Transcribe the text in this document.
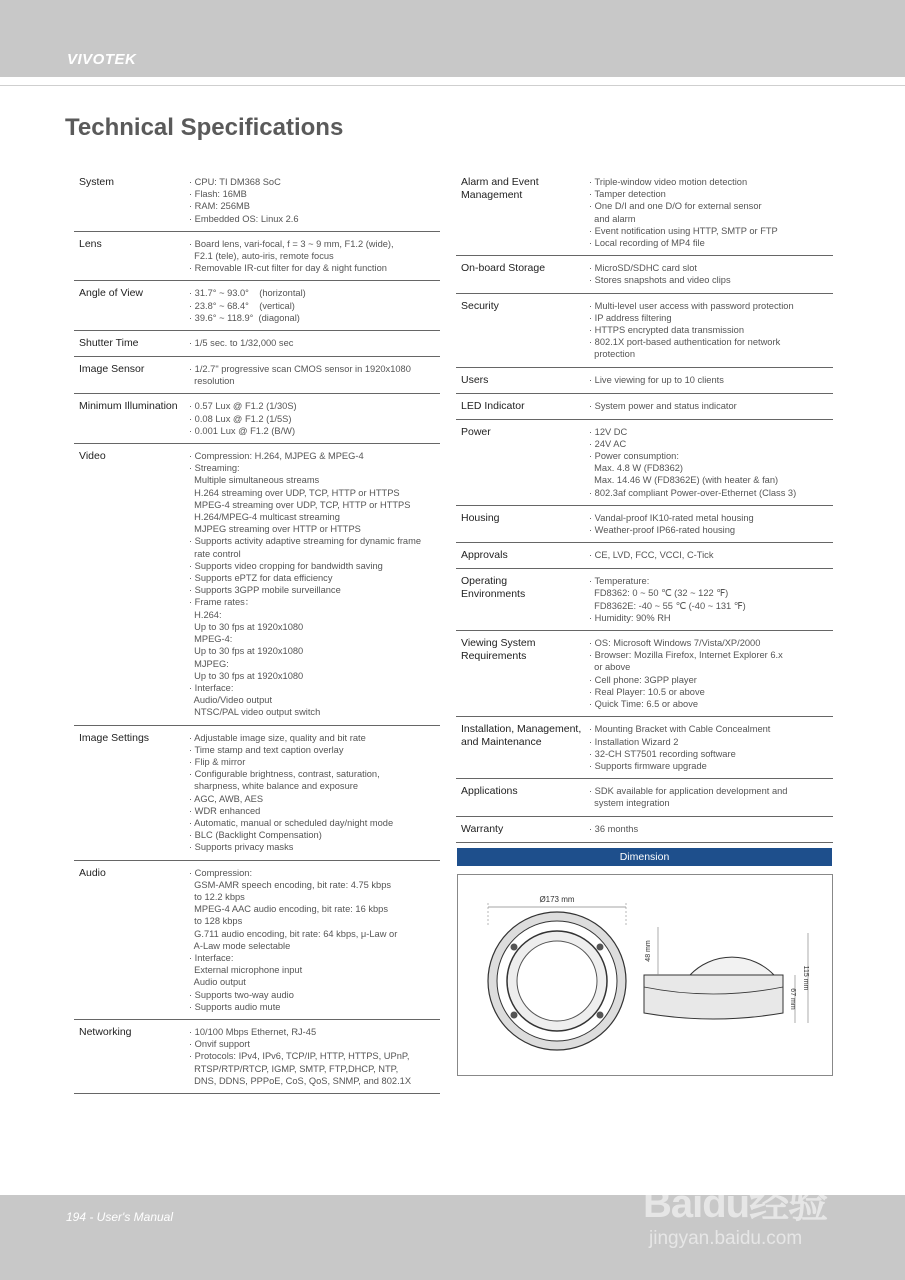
VIVOTEK
Technical Specifications
System	· CPU: TI DM368 SoC
· Flash: 16MB
· RAM: 256MB
· Embedded OS: Linux 2.6
Lens	· Board lens, vari-focal, f = 3 ~ 9 mm, F1.2 (wide),
F2.1 (tele), auto-iris, remote focus
· Removable IR-cut filter for day & night function
Angle of View	· 31.7° ~ 93.0°    (horizontal)
· 23.8° ~ 68.4°    (vertical)
· 39.6° ~ 118.9°  (diagonal)
Shutter Time	· 1/5 sec. to 1/32,000 sec
Image Sensor	· 1/2.7" progressive scan CMOS sensor in 1920x1080
resolution
Minimum Illumination	· 0.57 Lux @ F1.2 (1/30S)
· 0.08 Lux @ F1.2 (1/5S)
· 0.001 Lux @ F1.2 (B/W)
Video	· Compression: H.264, MJPEG & MPEG-4
· Streaming:
Multiple simultaneous streams
H.264 streaming over UDP, TCP, HTTP or HTTPS
MPEG-4 streaming over UDP, TCP, HTTP or HTTPS
H.264/MPEG-4 multicast streaming
MJPEG streaming over HTTP or HTTPS
· Supports activity adaptive streaming for dynamic frame
rate control
· Supports video cropping for bandwidth saving
· Supports ePTZ for data efficiency
· Supports 3GPP mobile surveillance
· Frame rates：
H.264:
Up to 30 fps at 1920x1080
MPEG-4:
Up to 30 fps at 1920x1080
MJPEG:
Up to 30 fps at 1920x1080
· Interface:
Audio/Video output
NTSC/PAL video output switch
Image Settings	· Adjustable image size, quality and bit rate
· Time stamp and text caption overlay
· Flip & mirror
· Configurable brightness, contrast, saturation,
sharpness, white balance and exposure
· AGC, AWB, AES
· WDR enhanced
· Automatic, manual or scheduled day/night mode
· BLC (Backlight Compensation)
· Supports privacy masks
Audio	· Compression:
GSM-AMR speech encoding, bit rate: 4.75 kbps
to 12.2 kbps
MPEG-4 AAC audio encoding, bit rate: 16 kbps
to 128 kbps
G.711 audio encoding, bit rate: 64 kbps, μ-Law or
A-Law mode selectable
· Interface:
External microphone input
Audio output
· Supports two-way audio
· Supports audio mute
Networking	· 10/100 Mbps Ethernet, RJ-45
· Onvif support
· Protocols: IPv4, IPv6, TCP/IP, HTTP, HTTPS, UPnP,
RTSP/RTP/RTCP, IGMP, SMTP, FTP,DHCP, NTP,
DNS, DDNS, PPPoE, CoS, QoS, SNMP, and 802.1X
Alarm and Event
Management
· Triple-window video motion detection
· Tamper detection
· One D/I and one D/O for external sensor
and alarm
· Event notification using HTTP, SMTP or FTP
· Local recording of MP4 file
On-board Storage	· MicroSD/SDHC card slot
· Stores snapshots and video clips
Security	· Multi-level user access with password protection
· IP address filtering
· HTTPS encrypted data transmission
· 802.1X port-based authentication for network
protection
Users	· Live viewing for up to 10 clients
LED Indicator	· System power and status indicator
Power	· 12V DC
· 24V AC
· Power consumption:
Max. 4.8 W (FD8362)
Max. 14.46 W (FD8362E) (with heater & fan)
· 802.3af compliant Power-over-Ethernet (Class 3)
Housing	· Vandal-proof IK10-rated metal housing
· Weather-proof IP66-rated housing
Approvals	· CE, LVD, FCC, VCCI, C-Tick
Operating
Environments
· Temperature:
FD8362: 0 ~ 50 ℃ (32 ~ 122 ℉)
FD8362E: -40 ~ 55 ℃ (-40 ~ 131 ℉)
· Humidity: 90% RH
Viewing System
Requirements
· OS: Microsoft Windows 7/Vista/XP/2000
· Browser: Mozilla Firefox, Internet Explorer 6.x
or above
· Cell phone: 3GPP player
· Real Player: 10.5 or above
· Quick Time: 6.5 or above
Installation, Management,
and Maintenance
· Mounting Bracket with Cable Concealment
· Installation Wizard 2
· 32-CH ST7501 recording software
· Supports firmware upgrade
Applications	· SDK available for application development and
system integration
Warranty	· 36 months
Dimension
Ø173 mm
48 mm
67 mm
115 mm
194 - User's Manual	Baidu经验
jingyan.baidu.com
